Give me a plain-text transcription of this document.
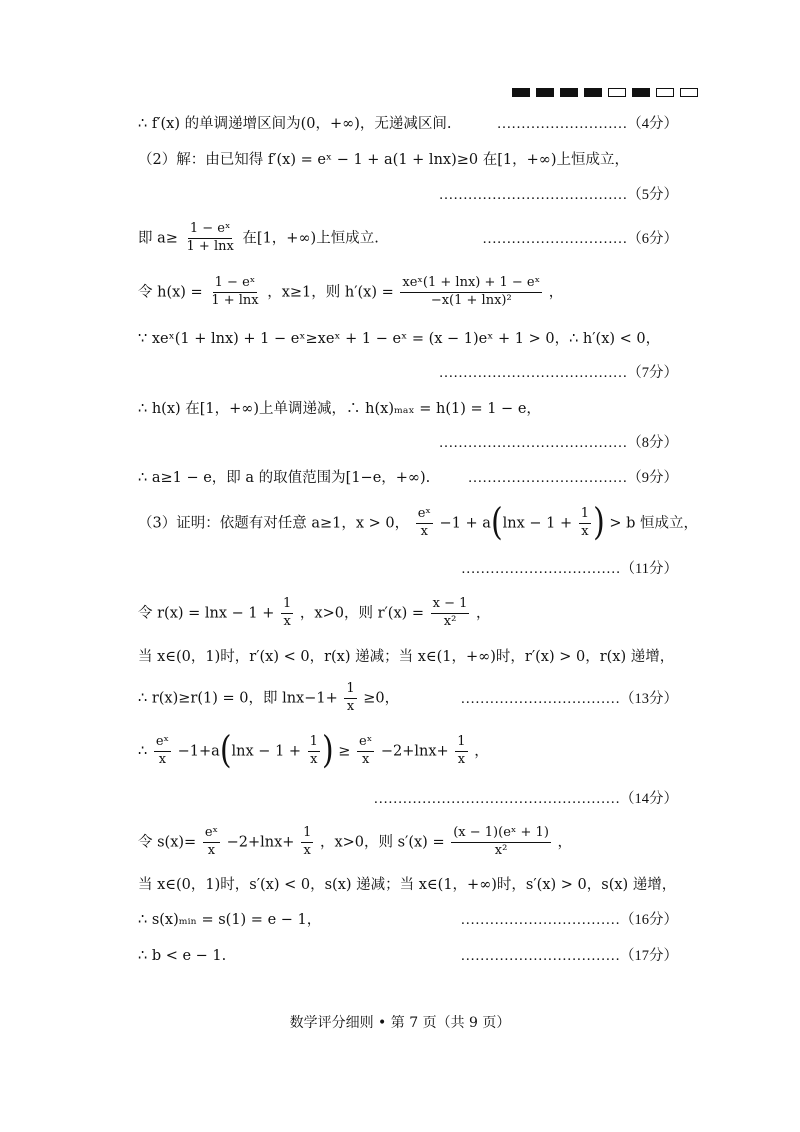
∴ f′(x) 的单调递增区间为(0，+∞)，无递减区间.	………………………（4分）
（2）解：由已知得 f′(x) = eˣ − 1 + a(1 + lnx)≥0 在[1，+∞)上恒成立，
…………………………………（5分）
即 $a\ge \frac{\text{1 − eˣ}}{1 + \ln x}$ 在[1，+∞)上恒成立.	…………………………（6分）
令 $h(x) = \frac{\text{1 − eˣ}}{1 + \ln x}$ ，x≥1，则 $h'(x) = \frac{\text{xeˣ(1 + lnx) + 1 − eˣ}}{\text{−x(1 + lnx)²}}$ ，
∵ xeˣ(1 + lnx) + 1 − eˣ≥xeˣ + 1 − eˣ = (x − 1)eˣ + 1 > 0，∴ h′(x) < 0，
…………………………………（7分）
∴ h(x) 在[1，+∞)上单调递减，∴ h(x)ₘₐₓ = h(1) = 1 − e，
…………………………………（8分）
∴ a≥1 − e，即 a 的取值范围为[1−e，+∞).	……………………………（9分）
（3）证明：依题有对任意 a≥1，x > 0， $\frac{\text{eˣ}}{x} -1 + a(\ln x - 1 + \frac{1}{x}$ ) > b 恒成立，
……………………………（11分）
令 $r(x) = \ln x - 1 + \frac{1}{x}$ ，x>0，则 $r'(x) = \frac{x - 1}{\text{x²}}$ ，
当 x∈(0，1)时，r′(x) < 0，r(x) 递减；当 x∈(1，+∞)时，r′(x) > 0，r(x) 递增，
∴ r(x)≥r(1) = 0，即 $\ln x-1+ \frac{1}{x} \ge 0$，	……………………………（13分）
∴ $\frac{\text{eˣ}}{x} -1+a(\ln x - 1 + \frac{1}{x}$ ) ≥ $\frac{\text{eˣ}}{x} -2+\ln x+ \frac{1}{x}$ ，
……………………………………………（14分）
令 $s(x)= \frac{\text{eˣ}}{x} -2+\ln x+ \frac{1}{x}$ ，x>0，则 $s'(x) = \frac{\text{(x − 1)(eˣ + 1)}}{\text{x²}}$ ，
当 x∈(0，1)时，s′(x) < 0，s(x) 递减；当 x∈(1，+∞)时，s′(x) > 0，s(x) 递增，
∴ s(x)ₘᵢₙ = s(1) = e − 1，	……………………………（16分）
∴ b < e − 1.	……………………………（17分）
数学评分细则 • 第 7 页（共 9 页）
